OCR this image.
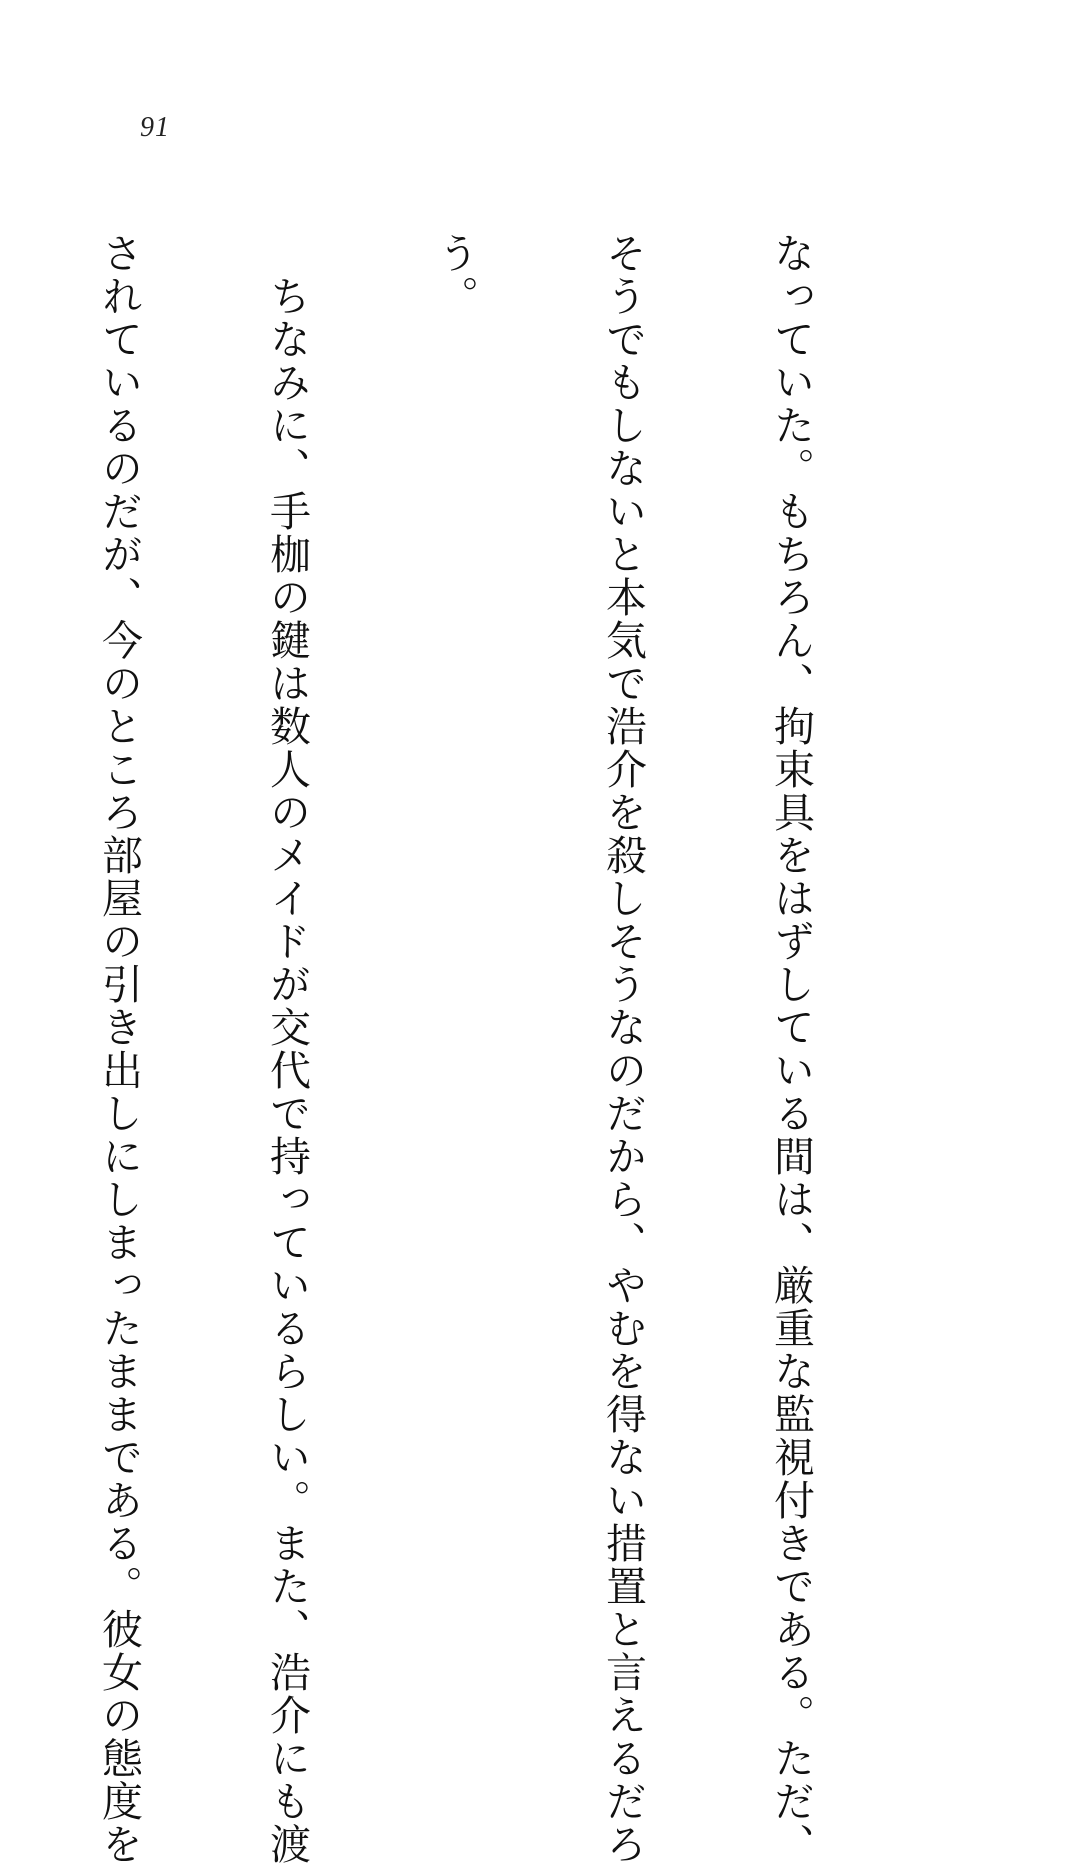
91

なっていた。もちろん、拘束具をはずしている間は、厳重な監視付きである。ただ、

そうでもしないと本気で浩介を殺しそうなのだから、やむを得ない措置と言えるだろ

う。

　ちなみに、手枷の鍵は数人のメイドが交代で持っているらしい。また、浩介にも渡

されているのだが、今のところ部屋の引き出しにしまったままである。彼女の態度を
